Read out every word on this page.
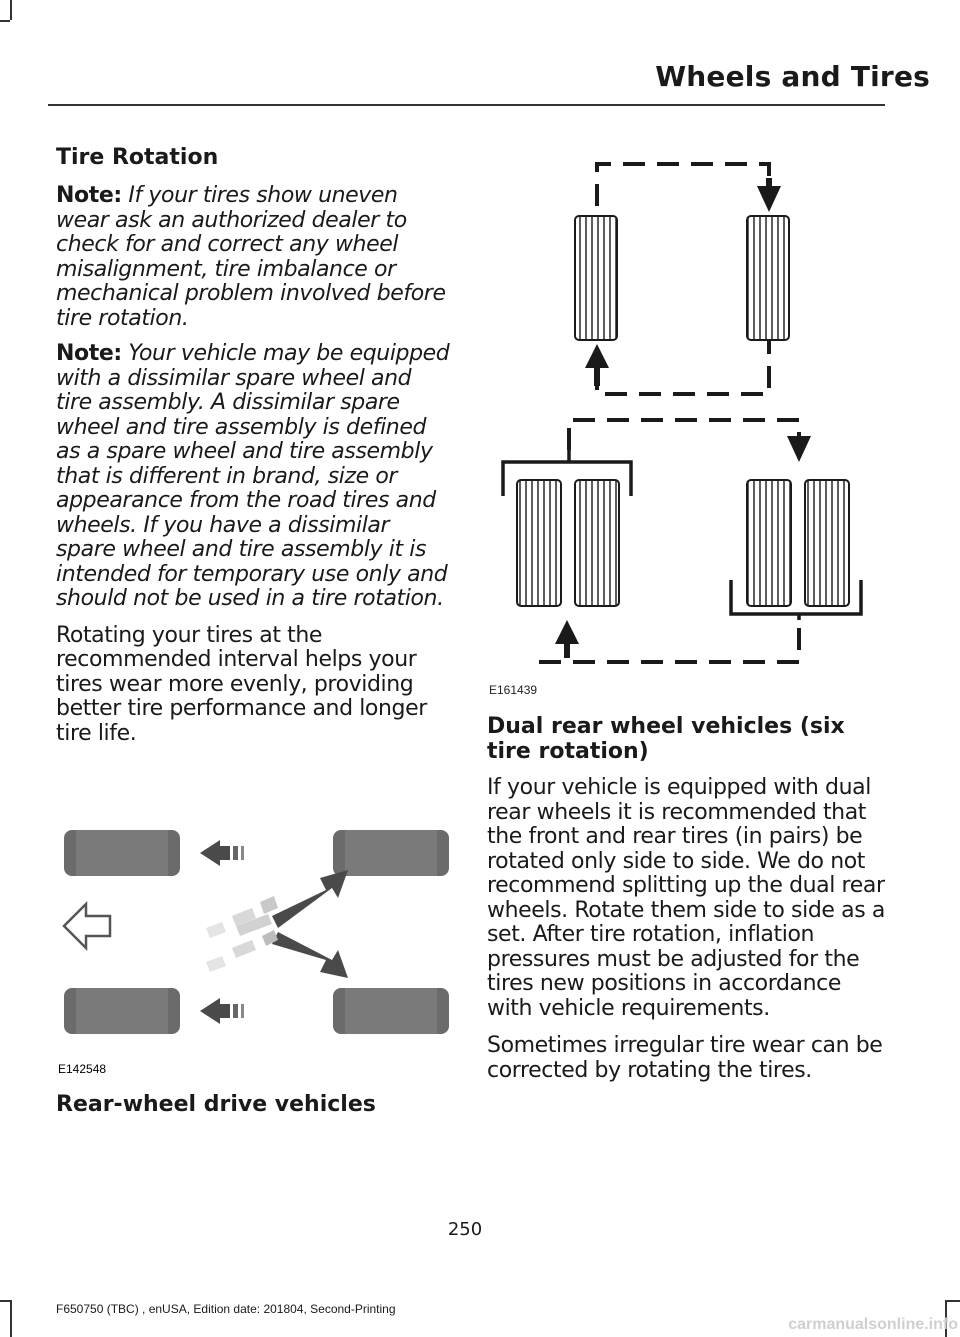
Wheels and Tires
Tire Rotation

Note: If your tires show uneven wear ask an authorized dealer to check for and correct any wheel misalignment, tire imbalance or mechanical problem involved before tire rotation.

Note: Your vehicle may be equipped with a dissimilar spare wheel and tire assembly. A dissimilar spare wheel and tire assembly is defined as a spare wheel and tire assembly that is different in brand, size or appearance from the road tires and wheels. If you have a dissimilar spare wheel and tire assembly it is intended for temporary use only and should not be used in a tire rotation.

Rotating your tires at the recommended interval helps your tires wear more evenly, providing better tire performance and longer tire life.

E142548
Rear-wheel drive vehicles
E161439
Dual rear wheel vehicles (six tire rotation)

If your vehicle is equipped with dual rear wheels it is recommended that the front and rear tires (in pairs) be rotated only side to side. We do not recommend splitting up the dual rear wheels. Rotate them side to side as a set. After tire rotation, inflation pressures must be adjusted for the tires new positions in accordance with vehicle requirements.

Sometimes irregular tire wear can be corrected by rotating the tires.

250
F650750 (TBC) , enUSA, Edition date: 201804, Second-Printing
carmanualsonline.info
